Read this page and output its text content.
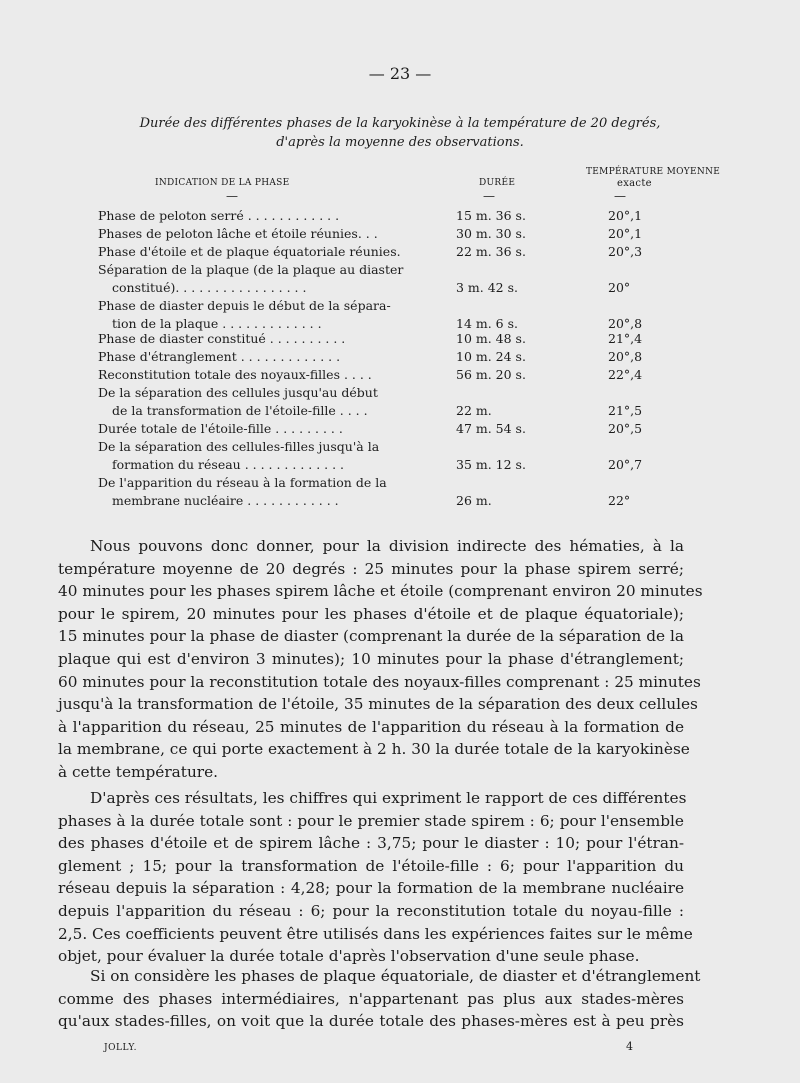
— 23 —
Durée des différentes phases de la karyokinèse à la température de 20 degrés,
d'après la moyenne des observations.
INDICATION DE LA PHASE	DURÉE
TEMPÉRATURE MOYENNE
exacte
—	—	—
Phase de peloton serré . . . . . . . . . . . .	15 m. 36 s.	20°,1
Phases de peloton lâche et étoile réunies. . .	30 m. 30 s.	20°,1
Phase d'étoile et de plaque équatoriale réunies.	22 m. 36 s.	20°,3
Séparation de la plaque (de la plaque au diaster
constitué). . . . . . . . . . . . . . . . .	3 m. 42 s.	20°
Phase de diaster depuis le début de la sépara-
tion de la plaque . . . . . . . . . . . . .	14 m. 6 s.	20°,8
Phase de diaster constitué . . . . . . . . . .	10 m. 48 s.	21°,4
Phase d'étranglement . . . . . . . . . . . . .	10 m. 24 s.	20°,8
Reconstitution totale des noyaux-filles . . . .	56 m. 20 s.	22°,4
De la séparation des cellules jusqu'au début
de la transformation de l'étoile-fille . . . .	22 m.	21°,5
Durée totale de l'étoile-fille . . . . . . . . .	47 m. 54 s.	20°,5
De la séparation des cellules-filles jusqu'à la
formation du réseau . . . . . . . . . . . . .	35 m. 12 s.	20°,7
De l'apparition du réseau à la formation de la
membrane nucléaire . . . . . . . . . . . .	26 m.	22°
Nous pouvons donc donner, pour la division indirecte des hématies, à la
température moyenne de 20 degrés : 25 minutes pour la phase spirem serré;
40 minutes pour les phases spirem lâche et étoile (comprenant environ 20 minutes
pour le spirem, 20 minutes pour les phases d'étoile et de plaque équatoriale);
15 minutes pour la phase de diaster (comprenant la durée de la séparation de la
plaque qui est d'environ 3 minutes); 10 minutes pour la phase d'étranglement;
60 minutes pour la reconstitution totale des noyaux-filles comprenant : 25 minutes
jusqu'à la transformation de l'étoile, 35 minutes de la séparation des deux cellules
à l'apparition du réseau, 25 minutes de l'apparition du réseau à la formation de
la membrane, ce qui porte exactement à 2 h. 30 la durée totale de la karyokinèse
à cette température.
D'après ces résultats, les chiffres qui expriment le rapport de ces différentes
phases à la durée totale sont : pour le premier stade spirem : 6; pour l'ensemble
des phases d'étoile et de spirem lâche : 3,75; pour le diaster : 10; pour l'étran-
glement ; 15; pour la transformation de l'étoile-fille : 6; pour l'apparition du
réseau depuis la séparation : 4,28; pour la formation de la membrane nucléaire
depuis l'apparition du réseau : 6; pour la reconstitution totale du noyau-fille :
2,5. Ces coefficients peuvent être utilisés dans les expériences faites sur le même
objet, pour évaluer la durée totale d'après l'observation d'une seule phase.
Si on considère les phases de plaque équatoriale, de diaster et d'étranglement
comme des phases intermédiaires, n'appartenant pas plus aux stades-mères
qu'aux stades-filles, on voit que la durée totale des phases-mères est à peu près
JOLLY.	4
